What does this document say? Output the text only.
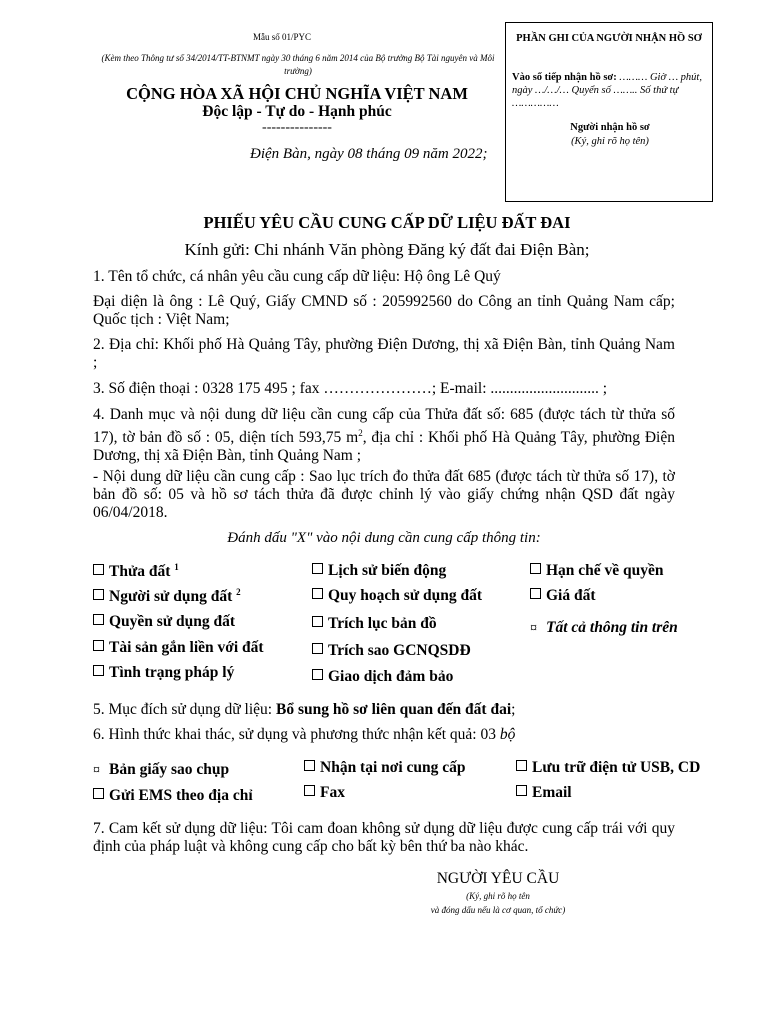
Mẫu số 01/PYC
(Kèm theo Thông tư số 34/2014/TT-BTNMT ngày 30 tháng 6 năm 2014 của Bộ trưởng Bộ Tài nguyên và Môi trường)
CỘNG HÒA XÃ HỘI CHỦ NGHĨA VIỆT NAM
Độc lập - Tự do - Hạnh phúc
---------------
Điện Bàn, ngày 08 tháng 09 năm 2022;
PHẦN GHI CỦA NGƯỜI NHẬN HỒ SƠ
Vào sổ tiếp nhận hồ sơ: ……… Giờ … phút, ngày …/…/… Quyển số …….. Số thứ tự ……………
Người nhận hồ sơ
(Ký, ghi rõ họ tên)
PHIẾU YÊU CẦU CUNG CẤP DỮ LIỆU ĐẤT ĐAI
Kính gửi: Chi nhánh Văn phòng Đăng ký đất đai Điện Bàn;
1. Tên tổ chức, cá nhân yêu cầu cung cấp dữ liệu: Hộ ông Lê Quý
Đại diện là ông : Lê Quý, Giấy CMND số : 205992560 do Công an tỉnh Quảng Nam cấp; Quốc tịch : Việt Nam;
2. Địa chỉ: Khối phố Hà Quảng Tây, phường Điện Dương, thị xã Điện Bàn, tỉnh Quảng Nam ;
3. Số điện thoại : 0328 175 495 ; fax …………………; E-mail: ............................ ;
4. Danh mục và nội dung dữ liệu cần cung cấp của Thửa đất số: 685 (được tách từ thửa số 17), tờ bản đồ số : 05, diện tích 593,75 $m^2$, địa chỉ : Khối phố Hà Quảng Tây, phường Điện Dương, thị xã Điện Bàn, tỉnh Quảng Nam ;
- Nội dung dữ liệu cần cung cấp : Sao lục trích đo thửa đất 685 (được tách từ thửa số 17), tờ bản đồ số: 05 và hồ sơ tách thửa đã được chỉnh lý vào giấy chứng nhận QSD đất ngày 06/04/2018.
Đánh dấu "X" vào nội dung cần cung cấp thông tin:
Thửa đất $^1$	Lịch sử biến động	Hạn chế về quyền
Người sử dụng đất $^2$	Quy hoạch sử dụng đất	Giá đất
Quyền sử dụng đất	Trích lục bản đồ	¤ Tất cả thông tin trên
Tài sản gắn liền với đất	Trích sao GCNQSDĐ
Tình trạng pháp lý	Giao dịch đảm bảo
5. Mục đích sử dụng dữ liệu: Bổ sung hồ sơ liên quan đến đất đai;
6. Hình thức khai thác, sử dụng và phương thức nhận kết quả: 03 bộ
¤ Bản giấy sao chụp	Nhận tại nơi cung cấp	Lưu trữ điện tử USB, CD
Gửi EMS theo địa chỉ	Fax	Email
7. Cam kết sử dụng dữ liệu: Tôi cam đoan không sử dụng dữ liệu được cung cấp trái với quy định của pháp luật và không cung cấp cho bất kỳ bên thứ ba nào khác.
NGƯỜI YÊU CẦU
(Ký, ghi rõ họ tên
và đóng dấu nếu là cơ quan, tổ chức)
